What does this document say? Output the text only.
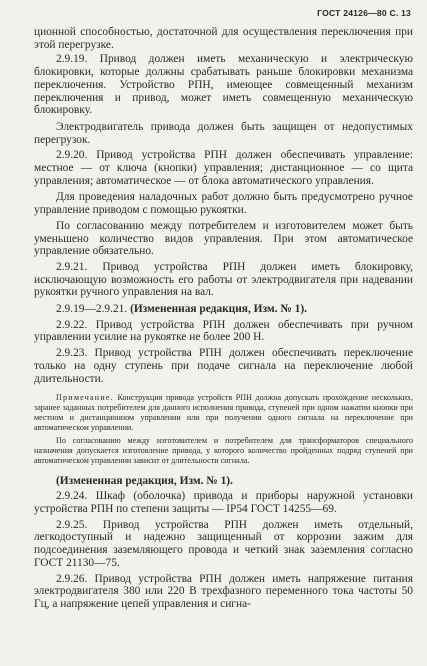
ГОСТ 24126—80 С. 13

ционной способностью, достаточной для осуществления переключения при этой перегрузке.

2.9.19. Привод должен иметь механическую и электрическую блокировки, которые должны срабатывать раньше блокировки механизма переключения. Устройство РПН, имеющее совмещенный механизм переключения и привод, может иметь совмещенную механическую блокировку.

Электродвигатель привода должен быть защищен от недопустимых перегрузок.

2.9.20. Привод устройства РПН должен обеспечивать управление: местное — от ключа (кнопки) управления; дистанционное — со щита управления; автоматическое — от блока автоматического управления.

Для проведения наладочных работ должно быть предусмотрено ручное управление приводом с помощью рукоятки.

По согласованию между потребителем и изготовителем может быть уменьшено количество видов управления. При этом автоматическое управление обязательно.

2.9.21. Привод устройства РПН должен иметь блокировку, исключающую возможность его работы от электродвигателя при надевании рукоятки ручного управления на вал.

2.9.19—2.9.21. (Измененная редакция, Изм. № 1).

2.9.22. Привод устройства РПН должен обеспечивать при ручном управлении усилие на рукоятке не более 200 Н.

2.9.23. Привод устройства РПН должен обеспечивать переключение только на одну ступень при подаче сигнала на переключение любой длительности.

Примечание. Конструкция привода устройств РПН должна допускать прохождение нескольких, заранее заданных потребителем для данного исполнения привода, ступеней при одном нажатии кнопки при местном и дистанционном управлении или при получении одного сигнала на переключение при автоматическом управлении.

По согласованию между изготовителем и потребителем для трансформаторов специального назначения допускается изготовление привода, у которого количество пройденных подряд ступеней при автоматическом управлении зависит от длительности сигнала.

(Измененная редакция, Изм. № 1).

2.9.24. Шкаф (оболочка) привода и приборы наружной установки устройства РПН по степени защиты — IP54 ГОСТ 14255—69.

2.9.25. Привод устройства РПН должен иметь отдельный, легкодоступный и надежно защищенный от коррозии зажим для подсоединения заземляющего провода и четкий знак заземления согласно ГОСТ 21130—75.

2.9.26. Привод устройства РПН должен иметь напряжение питания электродвигателя 380 или 220 В трехфазного переменного тока частоты 50 Гц, а напряжение цепей управления и сигна-
